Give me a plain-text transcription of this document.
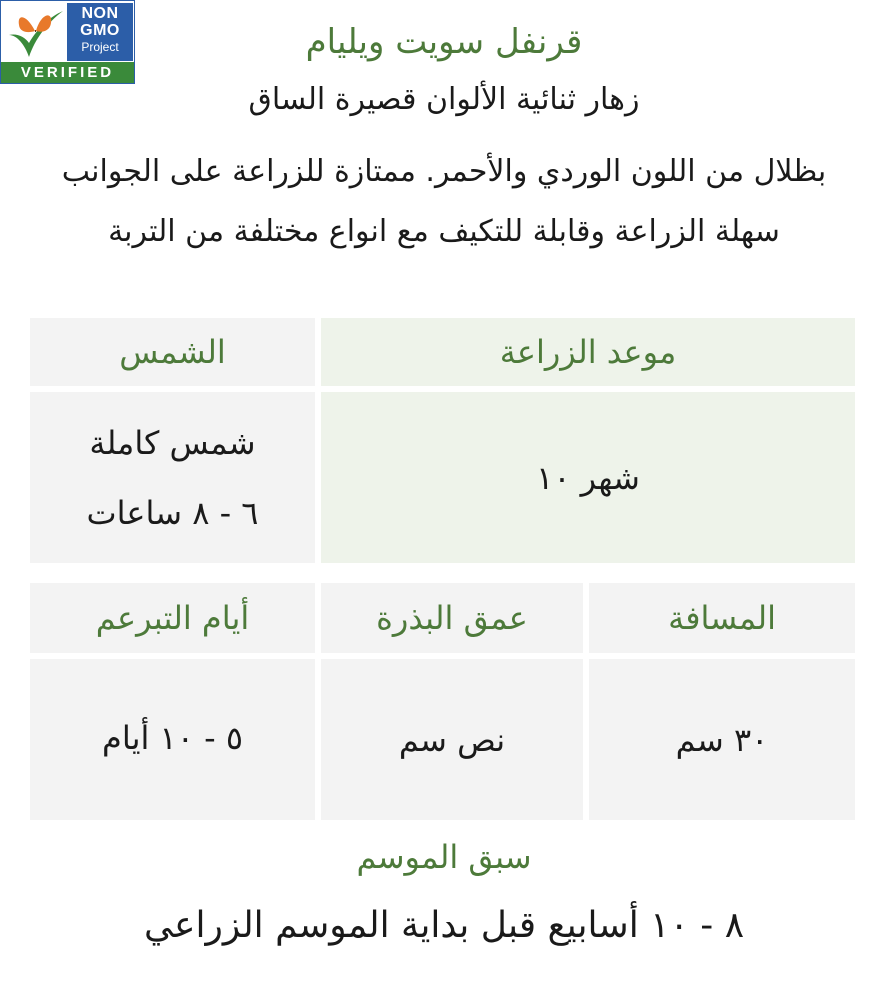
NON
GMO
Project
VERIFIED
قرنفل سويت ويليام
زهار ثنائية الألوان قصيرة الساق
بظلال من اللون الوردي والأحمر. ممتازة للزراعة على الجوانب
سهلة الزراعة وقابلة للتكيف مع انواع مختلفة من التربة
موعد الزراعة
الشمس
شهر ١٠
شمس كاملة
٦ - ٨ ساعات
المسافة
عمق البذرة
أيام التبرعم
٣٠ سم
نص سم
٥ - ١٠ أيام
سبق الموسم
٨ - ١٠ أسابيع قبل بداية الموسم الزراعي
